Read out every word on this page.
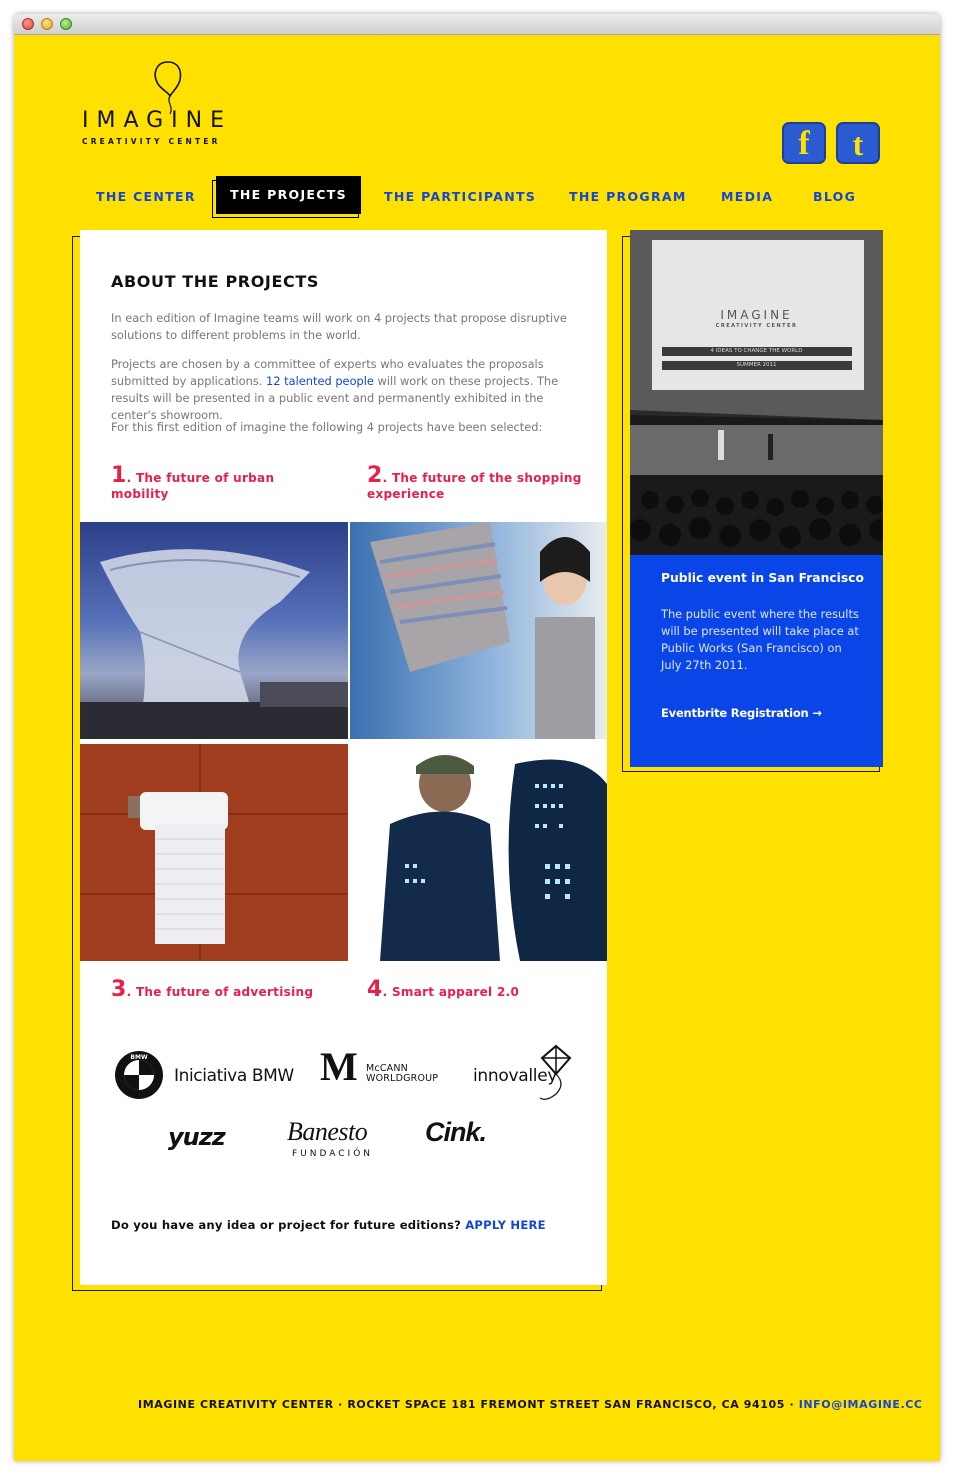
IMAGINE
CREATIVITY CENTER	f	t
THE CENTER	THE PROJECTS	THE PARTICIPANTS	THE PROGRAM	MEDIA	BLOG
ABOUT THE PROJECTS
In each edition of Imagine teams will work on 4 projects that propose disruptive solutions to different problems in the world.
Projects are chosen by a committee of experts who evaluates the proposals submitted by applications. 12 talented people will work on these projects. The results will be presented in a public event and permanently exhibited in the center's showroom.
For this first edition of imagine the following 4 projects have been selected:
1. The future of urban mobility
2. The future of the shopping experience
3. The future of advertising	4. Smart apparel 2.0
BMW
Iniciativa BMW M McCANN WORLDGROUP	innovalley
yuzz Banesto
FUNDACIÓN
Cink.
Do you have any idea or project for future editions? APPLY HERE
IMAGINE
CREATIVITY CENTER
4 IDEAS TO CHANGE THE WORLD
SUMMER 2011
Public event in San Francisco

The public event where the results will be presented will take place at Public Works (San Francisco) on July 27th 2011.

Eventbrite Registration →
IMAGINE CREATIVITY CENTER · ROCKET SPACE 181 FREMONT STREET SAN FRANCISCO, CA 94105 · INFO@IMAGINE.CC
